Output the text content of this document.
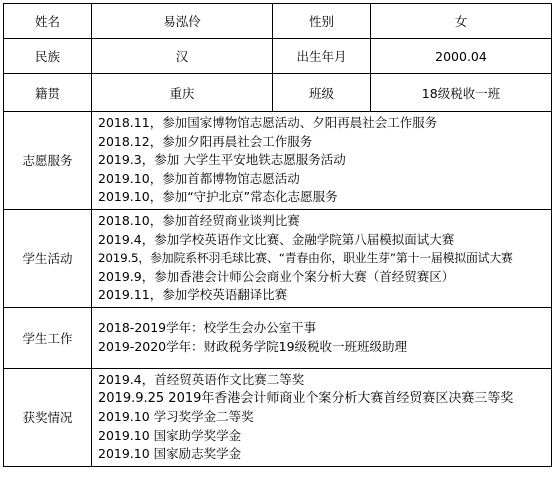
姓名	易泓伶	性别	女
民族	汉	出生年月	2000.04
籍贯	重庆	班级	18级税收一班
志愿服务	2018.11，参加国家博物馆志愿活动、夕阳再晨社会工作服务
2018.12，参加夕阳再晨社会工作服务
2019.3，参加 大学生平安地铁志愿服务活动
2019.10，参加首都博物馆志愿活动
2019.10，参加“守护北京”常态化志愿服务		

学生活动	2018.10，参加首经贸商业谈判比赛
2019.4，参加学校英语作文比赛、金融学院第八届模拟面试大赛
2019.5，参加院系杯羽毛球比赛、“青春由你，职业生芽”第十一届模拟面试大赛
2019.9，参加香港会计师公会商业个案分析大赛（首经贸赛区）
2019.11，参加学校英语翻译比赛		

学生工作	2018-2019学年：校学生会办公室干事
2019-2020学年：财政税务学院19级税收一班班级助理		

获奖情况	2019.4，首经贸英语作文比赛二等奖
2019.9.25 2019年香港会计师商业个案分析大赛首经贸赛区决赛三等奖
2019.10 学习奖学金二等奖
2019.10 国家助学奖学金
2019.10 国家励志奖学金		
